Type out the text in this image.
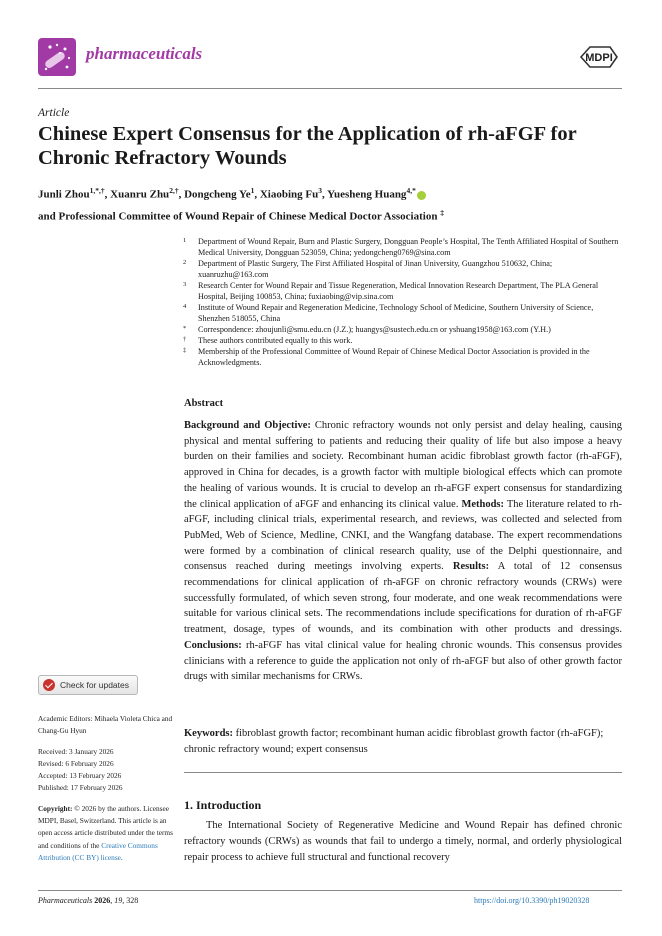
pharmaceuticals	MDPI
Article
Chinese Expert Consensus for the Application of rh-aFGF for Chronic Refractory Wounds
Junli Zhou$^{1,*,\dagger}$, Xuanru Zhu$^{2,\dagger}$, Dongcheng Ye$^1$, Xiaobing Fu$^3$, Yuesheng Huang$^{4,*}$
and Professional Committee of Wound Repair of Chinese Medical Doctor Association ‡
1	Department of Wound Repair, Burn and Plastic Surgery, Dongguan People’s Hospital, The Tenth Affiliated Hospital of Southern Medical University, Dongguan 523059, China; yedongcheng0769@sina.com
2	Department of Plastic Surgery, The First Affiliated Hospital of Jinan University, Guangzhou 510632, China; xuanruzhu@163.com
3	Research Center for Wound Repair and Tissue Regeneration, Medical Innovation Research Department, The PLA General Hospital, Beijing 100853, China; fuxiaobing@vip.sina.com
4	Institute of Wound Repair and Regeneration Medicine, Technology School of Medicine, Southern University of Science, Shenzhen 518055, China
*	Correspondence: zhoujunli@smu.edu.cn (J.Z.); huangys@sustech.edu.cn or yshuang1958@163.com (Y.H.)
†	These authors contributed equally to this work.
‡	Membership of the Professional Committee of Wound Repair of Chinese Medical Doctor Association is provided in the Acknowledgments.
Abstract
Background and Objective: Chronic refractory wounds not only persist and delay healing, causing physical and mental suffering to patients and reducing their quality of life but also impose a heavy burden on their families and society. Recombinant human acidic fibroblast growth factor (rh-aFGF), approved in China for decades, is a growth factor with multiple biological effects which can promote the healing of various wounds. It is crucial to develop an rh-aFGF expert consensus for standardizing the clinical application of aFGF and enhancing its clinical value. Methods: The literature related to rh-aFGF, including clinical trials, experimental research, and reviews, was collected and selected from PubMed, Web of Science, Medline, CNKI, and the Wangfang database. The expert recommendations were formed by a combination of clinical research quality, use of the Delphi questionnaire, and consensus reached during meetings involving experts. Results: A total of 12 consensus recommendations for clinical application of rh-aFGF on chronic refractory wounds (CRWs) were successfully formulated, of which seven strong, four moderate, and one weak recommendations were suitable for various clinical sets. The recommendations include specifications for duration of rh-aFGF treatment, dosage, types of wounds, and its combination with other products and dressings. Conclusions: rh-aFGF has vital clinical value for healing chronic wounds. This consensus provides clinicians with a reference to guide the application not only of rh-aFGF but also of other growth factor drugs with similar mechanisms for CRWs.
Keywords: fibroblast growth factor; recombinant human acidic fibroblast growth factor (rh-aFGF); chronic refractory wound; expert consensus
1. Introduction
The International Society of Regenerative Medicine and Wound Repair has defined chronic refractory wounds (CRWs) as wounds that fail to undergo a timely, normal, and orderly physiological repair process to achieve full structural and functional recovery
Check for updates
Academic Editors: Mihaela Violeta Chica and Chang-Gu Hyun
Received: 3 January 2026
Revised: 6 February 2026
Accepted: 13 February 2026
Published: 17 February 2026
Copyright: © 2026 by the authors. Licensee MDPI, Basel, Switzerland. This article is an open access article distributed under the terms and conditions of the Creative Commons Attribution (CC BY) license.
Pharmaceuticals 2026, 19, 328	https://doi.org/10.3390/ph19020328
